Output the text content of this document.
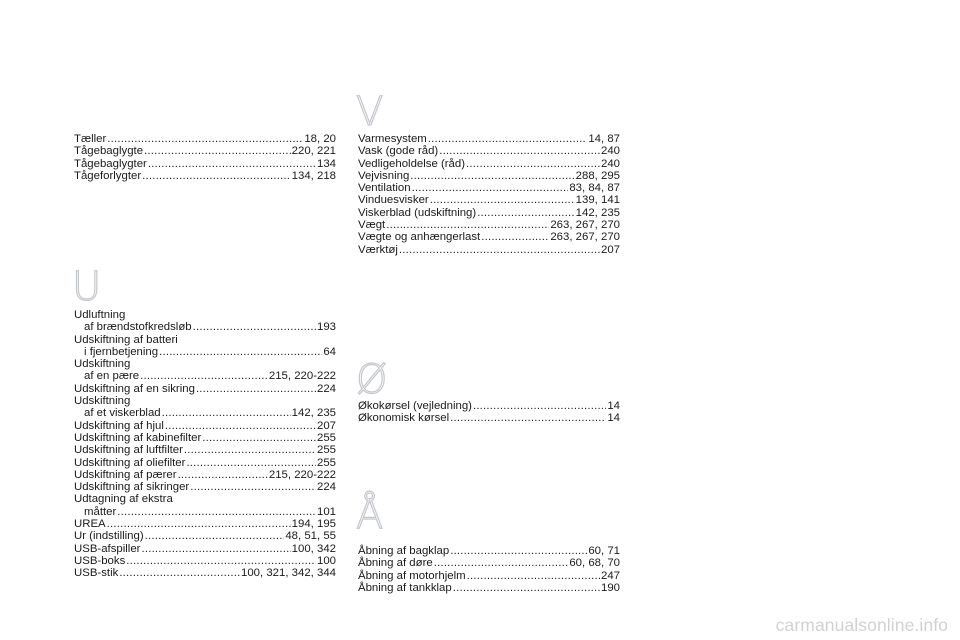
V
U
Ø
Å
Tæller .....	18, 20
Tågebaglygte .....	220, 221
Tågebaglygter .....	134
Tågeforlygter .....	134, 218
Udluftning
af brændstofkredsløb .....	193
Udskiftning af batteri
i fjernbetjening .....	64
Udskiftning
af en pære .....	215, 220-222
Udskiftning af en sikring .....	224
Udskiftning
af et viskerblad .....	142, 235
Udskiftning af hjul .....	207
Udskiftning af kabinefilter .....	255
Udskiftning af luftfilter .....	255
Udskiftning af oliefilter .....	255
Udskiftning af pærer .....	215, 220-222
Udskiftning af sikringer .....	224
Udtagning af ekstra
måtter .....	101
UREA .....	194, 195
Ur (indstilling) .....	48, 51, 55
USB-afspiller .....	100, 342
USB-boks .....	100
USB-stik .....	100, 321, 342, 344
Varmesystem .....	14, 87
Vask (gode råd) .....	240
Vedligeholdelse (råd) .....	240
Vejvisning .....	288, 295
Ventilation .....	83, 84, 87
Vinduesvisker .....	139, 141
Viskerblad (udskiftning) .....	142, 235
Vægt .....	263, 267, 270
Vægte og anhængerlast .....	263, 267, 270
Værktøj .....	207
Økokørsel (vejledning) .....	14
Økonomisk kørsel .....	14
Åbning af bagklap .....	60, 71
Åbning af døre .....	60, 68, 70
Åbning af motorhjelm .....	247
Åbning af tankklap .....	190
carmanualsonline.info
